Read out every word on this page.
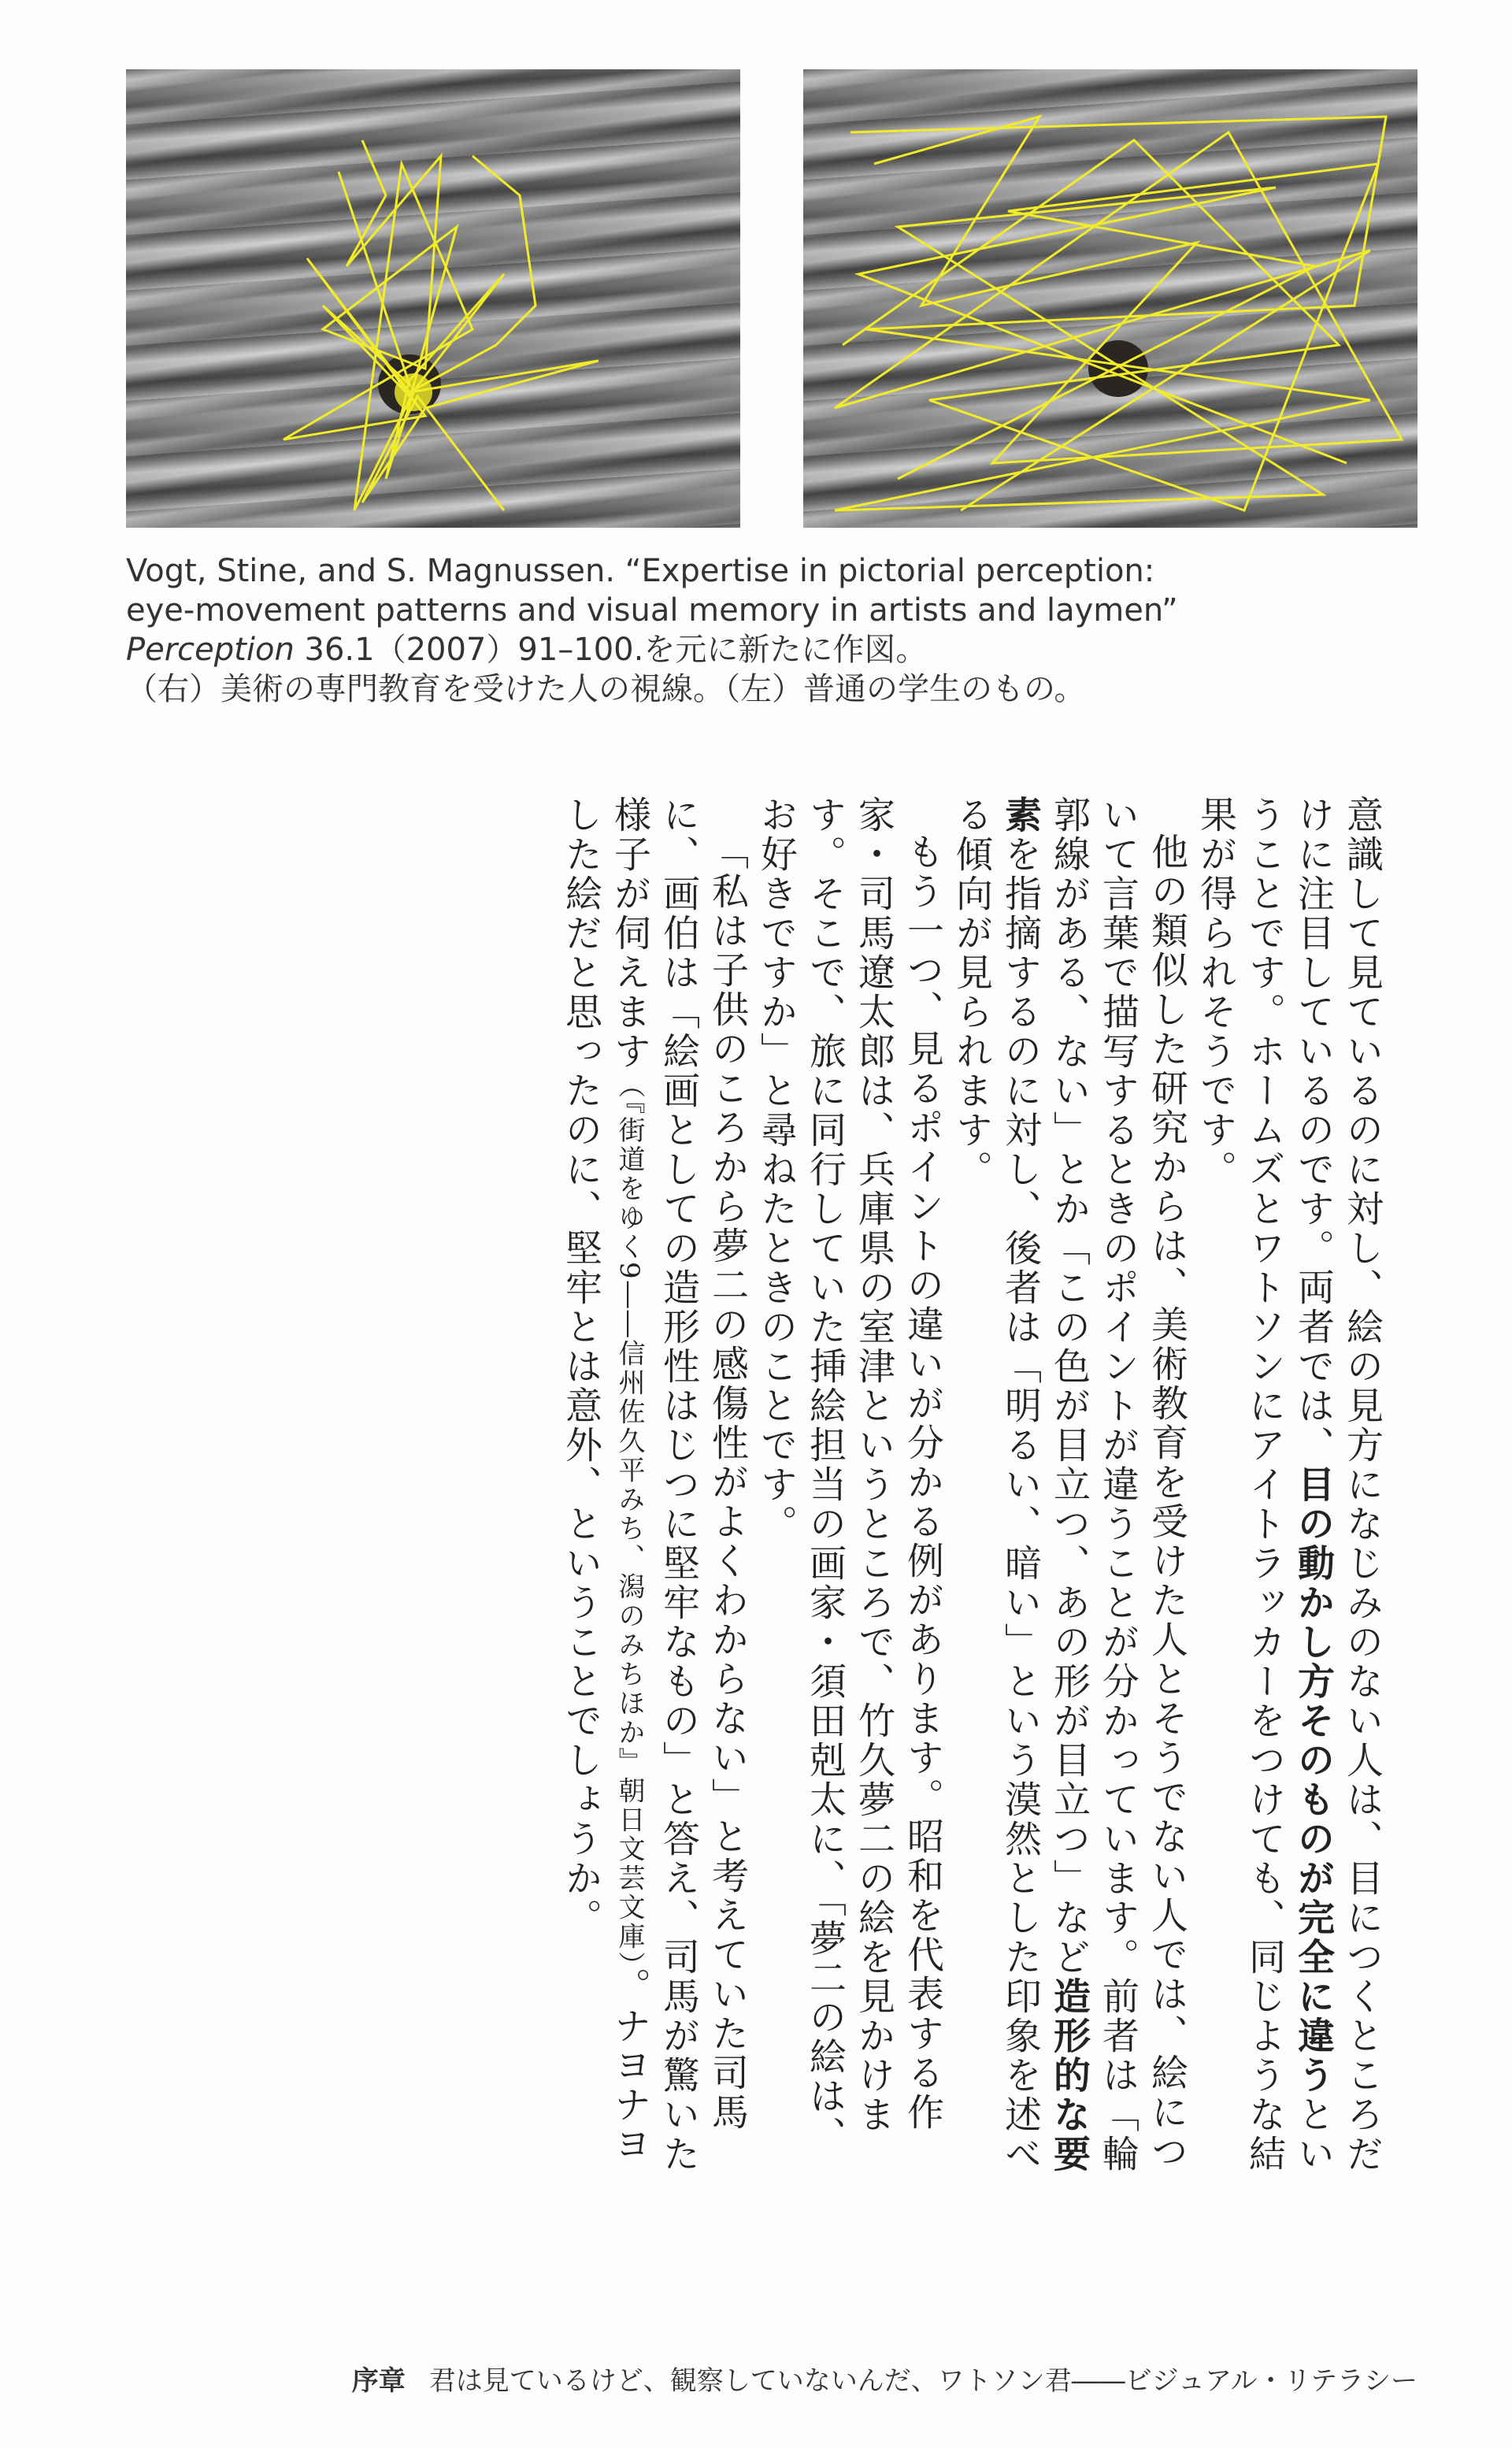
Vogt, Stine, and S. Magnussen. “Expertise in pictorial perception:
eye-movement patterns and visual memory in artists and laymen”
Perception 36.1（2007）91–100.を元に新たに作図。
（右）美術の専門教育を受けた人の視線。（左）普通の学生のもの。

意識して見ているのに対し、絵の見方になじみのない人は、目につくところだけに注目しているのです。両者では、目の動かし方そのものが完全に違うということです。ホームズとワトソンにアイトラッカーをつけても、同じような結果が得られそうです。

他の類似した研究からは、美術教育を受けた人とそうでない人では、絵について言葉で描写するときのポイントが違うことが分かっています。前者は「輪郭線がある、ない」とか「この色が目立つ、あの形が目立つ」など造形的な要素を指摘するのに対し、後者は「明るい、暗い」という漠然とした印象を述べる傾向が見られます。

もう一つ、見るポイントの違いが分かる例があります。昭和を代表する作家・司馬遼太郎は、兵庫県の室津というところで、竹久夢二の絵を見かけます。そこで、旅に同行していた挿絵担当の画家・須田剋太に、「夢二の絵は、お好きですか」と尋ねたときのことです。

「私は子供のころから夢二の感傷性がよくわからない」と考えていた司馬に、画伯は「絵画としての造形性はじつに堅牢なもの」と答え、司馬が驚いた様子が伺えます（『街道をゆく9――信州佐久平みち、潟のみちほか』朝日文芸文庫）。ナヨナヨした絵だと思ったのに、堅牢とは意外、ということでしょうか。

序章 君は見ているけど、観察していないんだ、ワトソン君――ビジュアル・リテラシー
